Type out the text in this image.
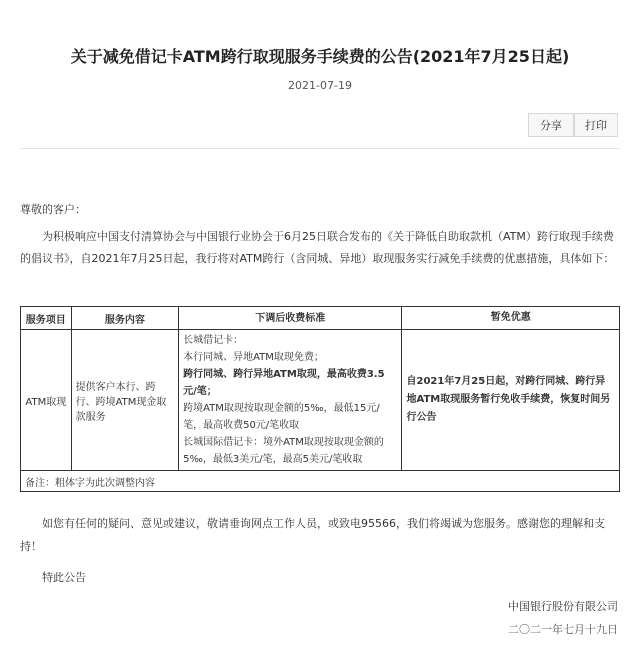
关于减免借记卡ATM跨行取现服务手续费的公告(2021年7月25日起)
2021-07-19
分享	打印
尊敬的客户：
为积极响应中国支付清算协会与中国银行业协会于6月25日联合发布的《关于降低自助取款机（ATM）跨行取现手续费的倡议书》，自2021年7月25日起，我行将对ATM跨行（含同城、异地）取现服务实行减免手续费的优惠措施，具体如下：
服务项目	服务内容	下调后收费标准	暂免优惠
ATM取现	提供客户本行、跨行、跨境ATM现金取款服务	长城借记卡：
本行同城、异地ATM取现免费；
跨行同城、跨行异地ATM取现，最高收费3.5元/笔；
跨境ATM取现按取现金额的5‰，最低15元/笔，最高收费50元/笔收取
长城国际借记卡：境外ATM取现按取现金额的5‰，最低3美元/笔，最高5美元/笔收取	自2021年7月25日起，对跨行同城、跨行异地ATM取现服务暂行免收手续费，恢复时间另行公告
备注：粗体字为此次调整内容			
如您有任何的疑问、意见或建议，敬请垂询网点工作人员，或致电95566，我们将竭诚为您服务。感谢您的理解和支持！
特此公告
中国银行股份有限公司
二〇二一年七月十九日
